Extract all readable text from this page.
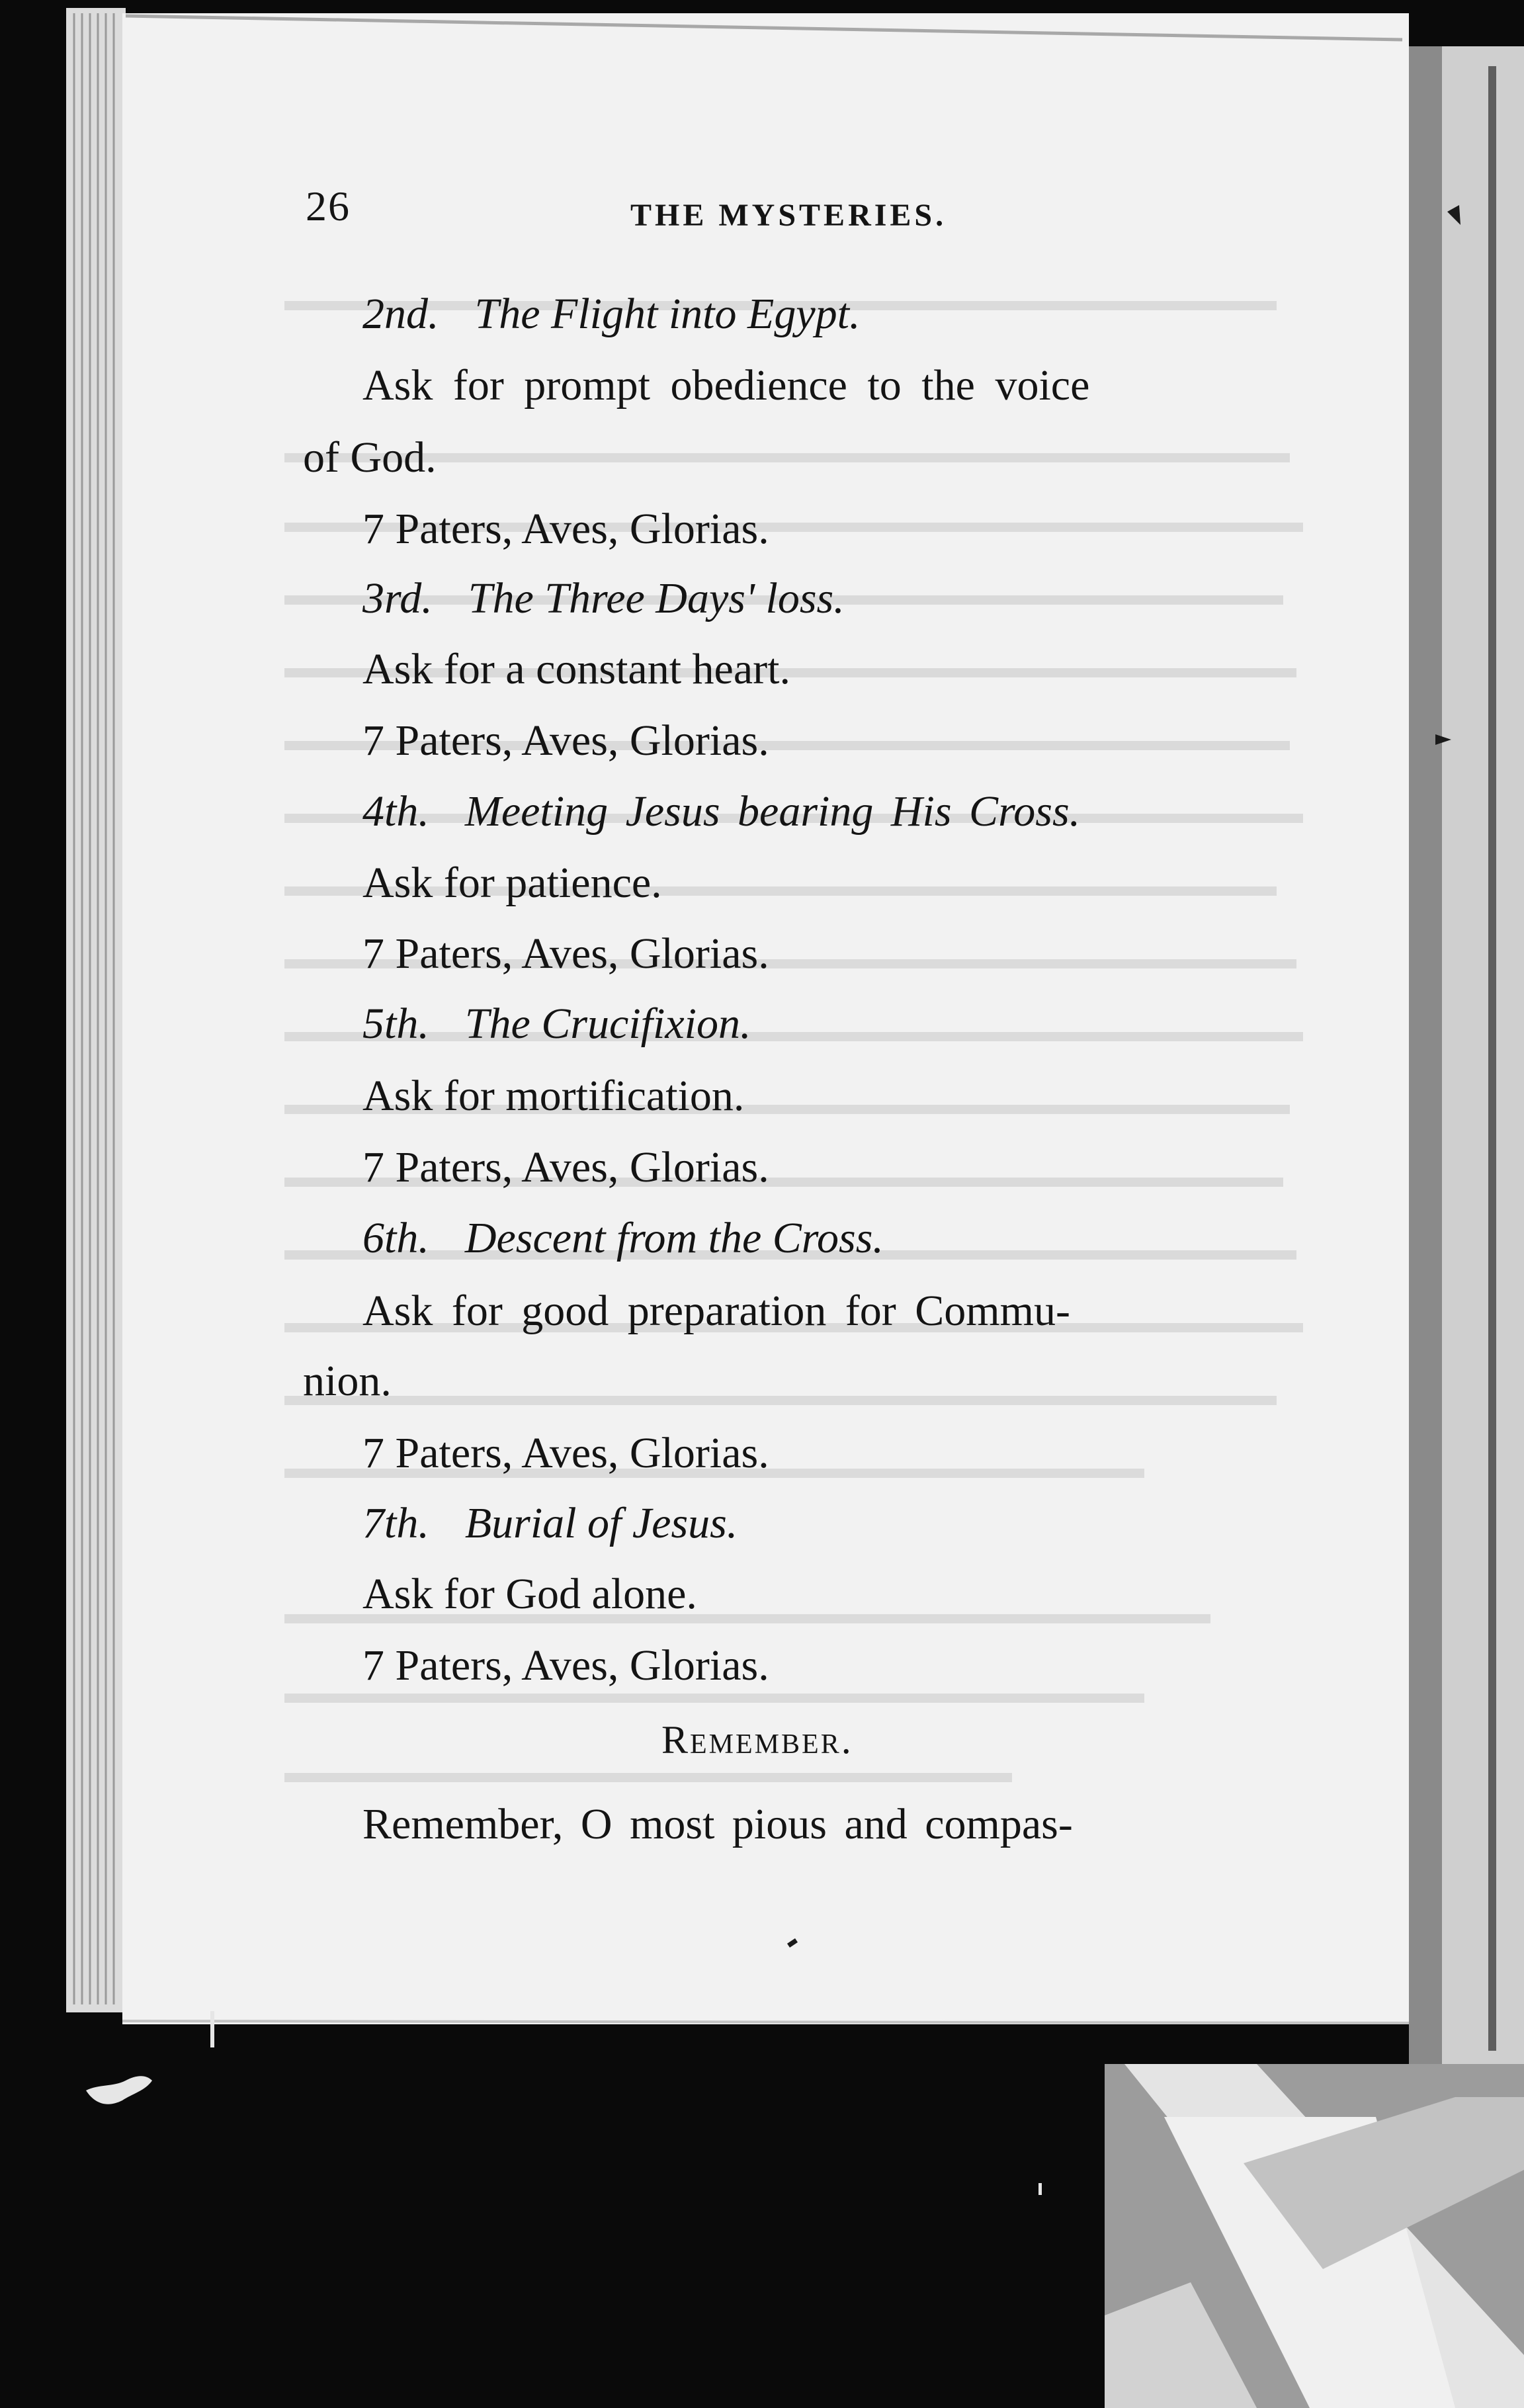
26	THE MYSTERIES.
2nd. The Flight into Egypt.
Ask for prompt obedience to the voice
of God.
7 Paters, Aves, Glorias.
3rd. The Three Days' loss.
Ask for a constant heart.
7 Paters, Aves, Glorias.
4th. Meeting Jesus bearing His Cross.
Ask for patience.
7 Paters, Aves, Glorias.
5th. The Crucifixion.
Ask for mortification.
7 Paters, Aves, Glorias.
6th. Descent from the Cross.
Ask for good preparation for Commu-
nion.
7 Paters, Aves, Glorias.
7th. Burial of Jesus.
Ask for God alone.
7 Paters, Aves, Glorias.
Remember.
Remember, O most pious and compas-
